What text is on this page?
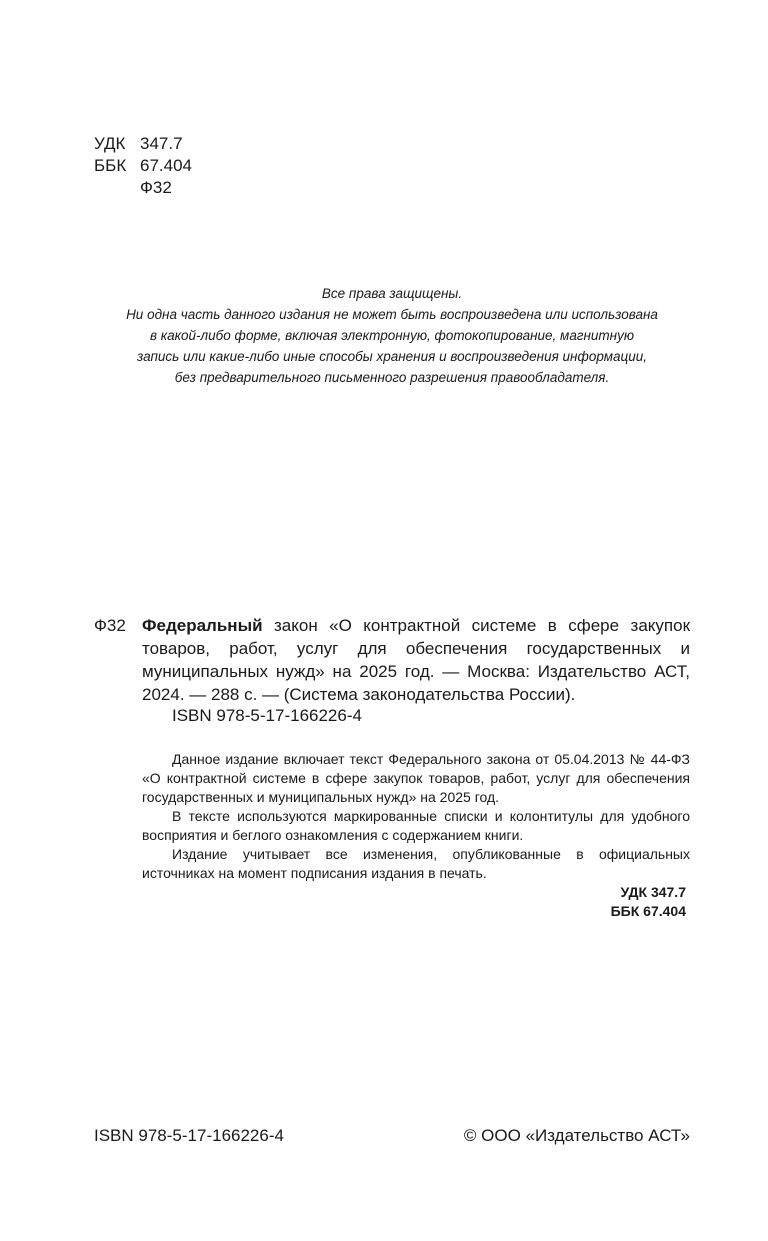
УДК 347.7
ББК 67.404
Ф32
Все права защищены.
Ни одна часть данного издания не может быть воспроизведена или использована
в какой-либо форме, включая электронную, фотокопирование, магнитную
запись или какие-либо иные способы хранения и воспроизведения информации,
без предварительного письменного разрешения правообладателя.
Ф32 Федеральный закон «О контрактной системе в сфере закупок товаров, работ, услуг для обеспечения государственных и муниципальных нужд» на 2025 год. — Москва: Издательство АСТ, 2024. — 288 с. — (Система законодательства России).
ISBN 978-5-17-166226-4

Данное издание включает текст Федерального закона от 05.04.2013 № 44-ФЗ «О контрактной системе в сфере закупок товаров, работ, услуг для обеспечения государственных и муниципальных нужд» на 2025 год.

В тексте используются маркированные списки и колонтитулы для удобного восприятия и беглого ознакомления с содержанием книги.

Издание учитывает все изменения, опубликованные в официальных источниках на момент подписания издания в печать.

УДК 347.7
ББК 67.404
ISBN 978-5-17-166226-4	© ООО «Издательство АСТ»
